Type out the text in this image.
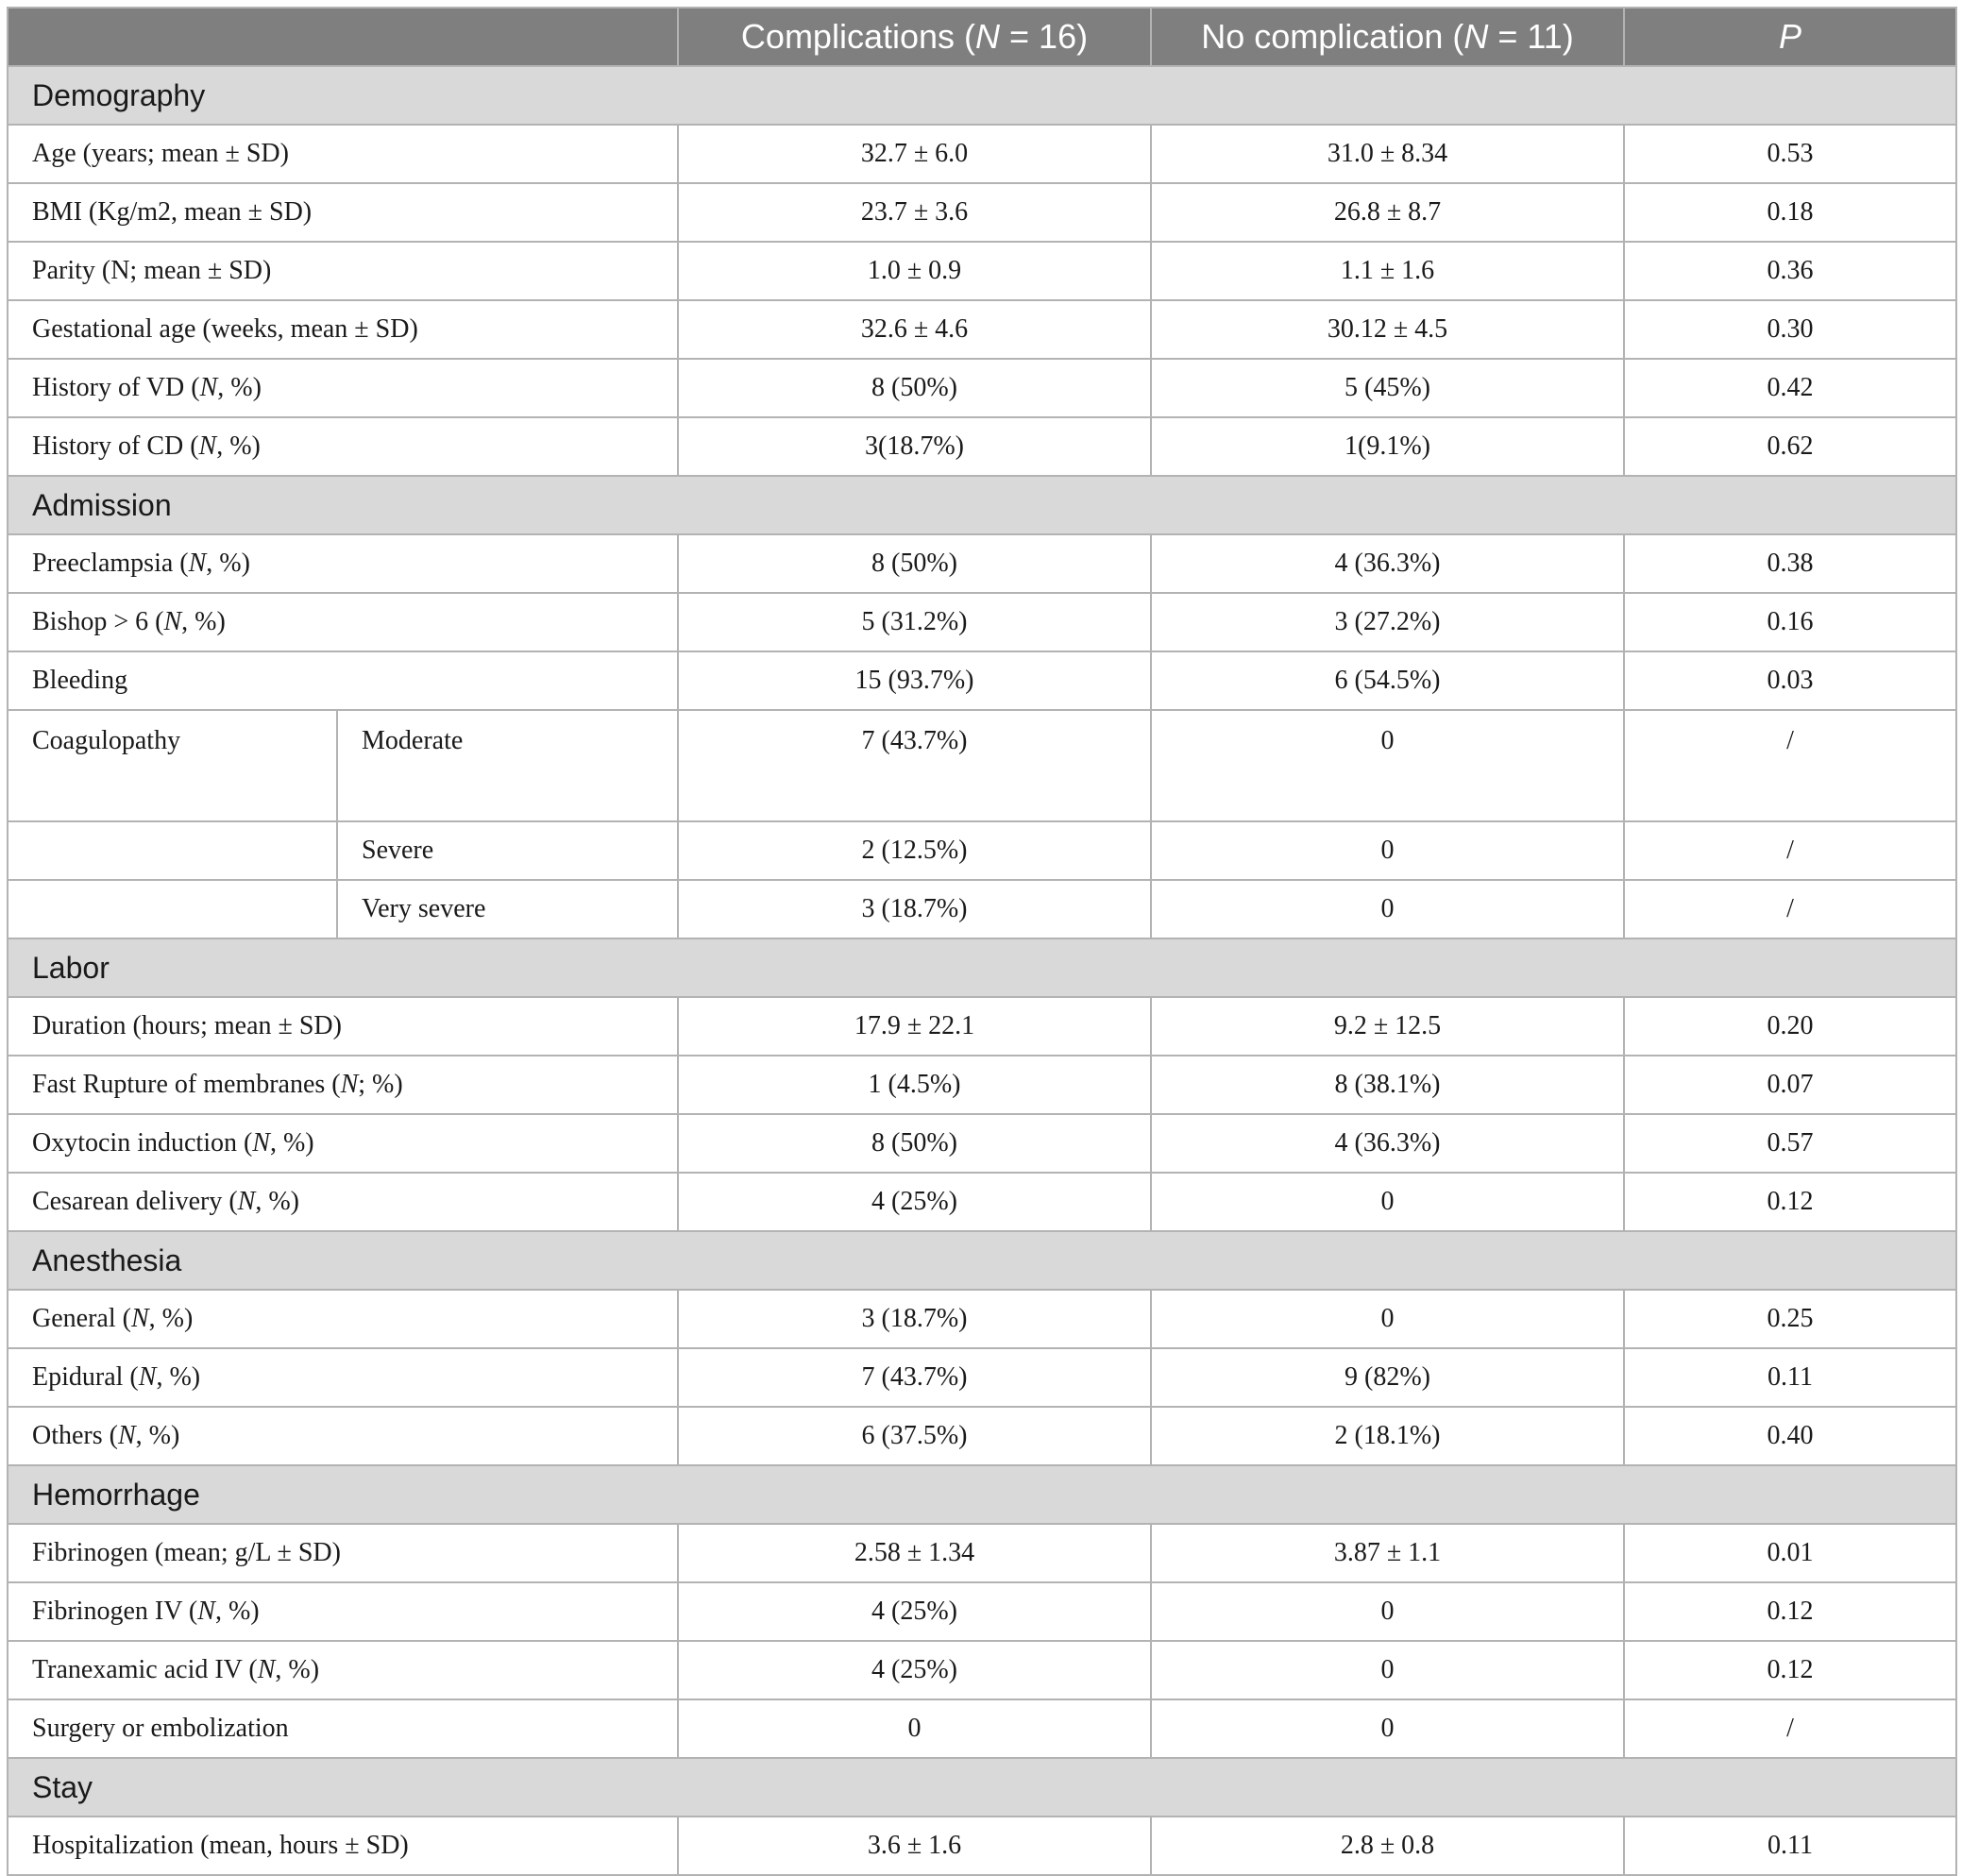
		Complications (N = 16)	No complication (N = 11)	P
Demography				
Age (years; mean ± SD)		32.7 ± 6.0	31.0 ± 8.34	0.53
BMI (Kg/m2, mean ± SD)		23.7 ± 3.6	26.8 ± 8.7	0.18
Parity (N; mean ± SD)		1.0 ± 0.9	1.1 ± 1.6	0.36
Gestational age (weeks, mean ± SD)		32.6 ± 4.6	30.12 ± 4.5	0.30
History of VD (N, %)		8 (50%)	5 (45%)	0.42
History of CD (N, %)		3(18.7%)	1(9.1%)	0.62
Admission				
Preeclampsia (N, %)		8 (50%)	4 (36.3%)	0.38
Bishop > 6 (N, %)		5 (31.2%)	3 (27.2%)	0.16
Bleeding		15 (93.7%)	6 (54.5%)	0.03
Coagulopathy	Moderate	7 (43.7%)	0	/
	Severe	2 (12.5%)	0	/
	Very severe	3 (18.7%)	0	/
Labor				
Duration (hours; mean ± SD)		17.9 ± 22.1	9.2 ± 12.5	0.20
Fast Rupture of membranes (N; %)		1 (4.5%)	8 (38.1%)	0.07
Oxytocin induction (N, %)		8 (50%)	4 (36.3%)	0.57
Cesarean delivery (N, %)		4 (25%)	0	0.12
Anesthesia				
General (N, %)		3 (18.7%)	0	0.25
Epidural (N, %)		7 (43.7%)	9 (82%)	0.11
Others (N, %)		6 (37.5%)	2 (18.1%)	0.40
Hemorrhage				
Fibrinogen (mean; g/L ± SD)		2.58 ± 1.34	3.87 ± 1.1	0.01
Fibrinogen IV (N, %)		4 (25%)	0	0.12
Tranexamic acid IV (N, %)		4 (25%)	0	0.12
Surgery or embolization		0	0	/
Stay				
Hospitalization (mean, hours ± SD)		3.6 ± 1.6	2.8 ± 0.8	0.11
